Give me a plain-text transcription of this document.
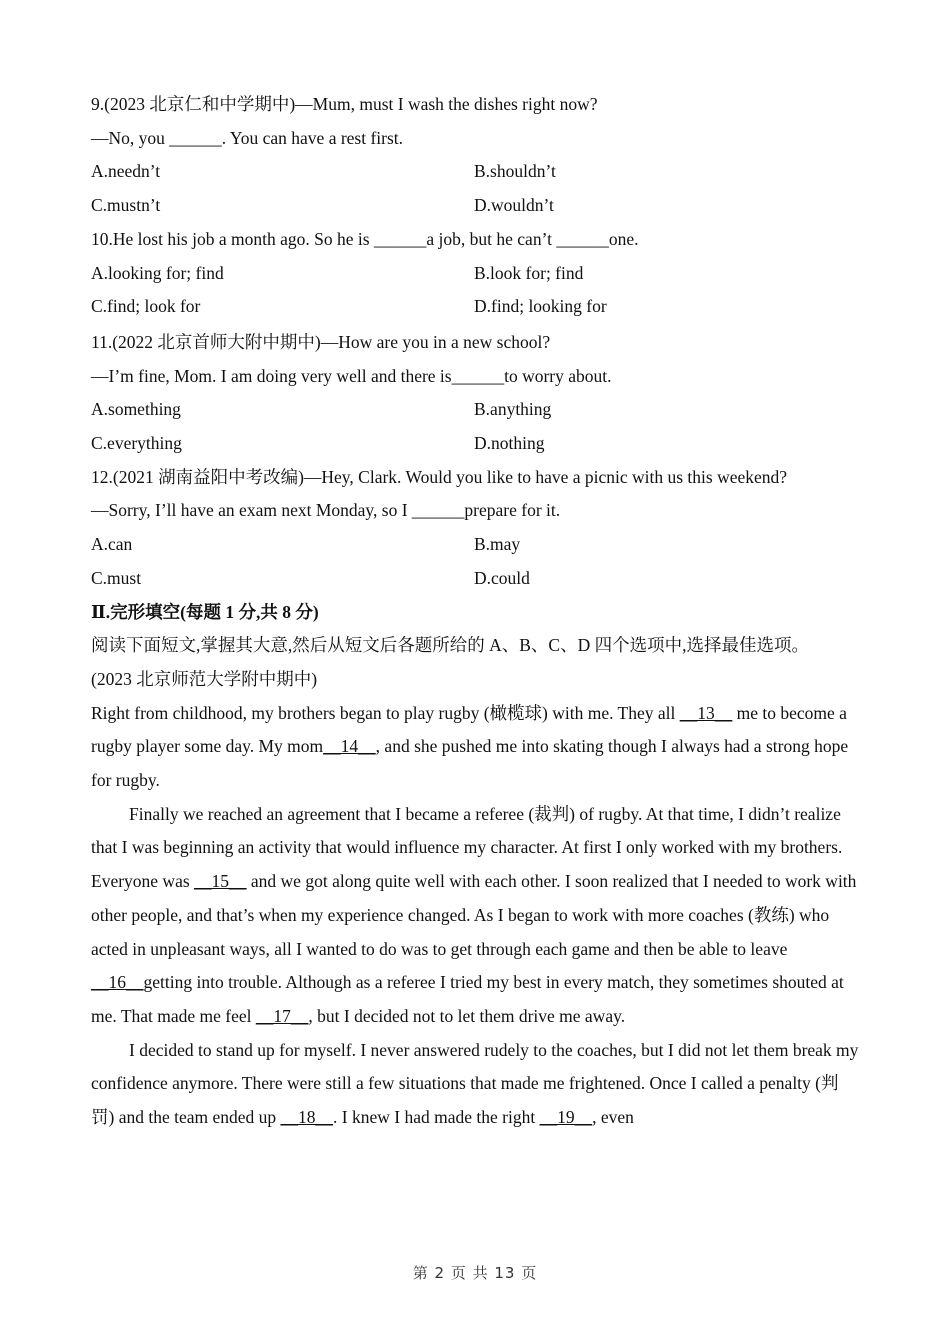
9.(2023 北京仁和中学期中)—Mum, must I wash the dishes right now?
—No, you ______. You can have a rest first.
A.needn’t	B.shouldn’t
C.mustn’t	D.wouldn’t
10.He lost his job a month ago. So he is ______a job, but he can’t ______one.
A.looking for; find	B.look for; find
C.find; look for	D.find; looking for
11.(2022 北京首师大附中期中)—How are you in a new school?
—I’m fine, Mom. I am doing very well and there is______to worry about.
A.something	B.anything
C.everything	D.nothing
12.(2021 湖南益阳中考改编)—Hey, Clark. Would you like to have a picnic with us this weekend?
—Sorry, I’ll have an exam next Monday, so I ______prepare for it.
A.can	B.may
C.must	D.could
Ⅱ.完形填空(每题 1 分,共 8 分)
阅读下面短文,掌握其大意,然后从短文后各题所给的 A、B、C、D 四个选项中,选择最佳选项。
(2023 北京师范大学附中期中)

Right from childhood, my brothers began to play rugby (橄榄球) with me. They all __13__ me to become a rugby player some day. My mom__14__, and she pushed me into skating though I always had a strong hope for rugby.

Finally we reached an agreement that I became a referee (裁判) of rugby. At that time, I didn’t realize that I was beginning an activity that would influence my character. At first I only worked with my brothers. Everyone was __15__ and we got along quite well with each other. I soon realized that I needed to work with other people, and that’s when my experience changed. As I began to work with more coaches (教练) who acted in unpleasant ways, all I wanted to do was to get through each game and then be able to leave __16__getting into trouble. Although as a referee I tried my best in every match, they sometimes shouted at me. That made me feel __17__, but I decided not to let them drive me away.

I decided to stand up for myself. I never answered rudely to the coaches, but I did not let them break my confidence anymore. There were still a few situations that made me frightened. Once I called a penalty (判罚) and the team ended up __18__. I knew I had made the right __19__, even

第 2 页 共 13 页
